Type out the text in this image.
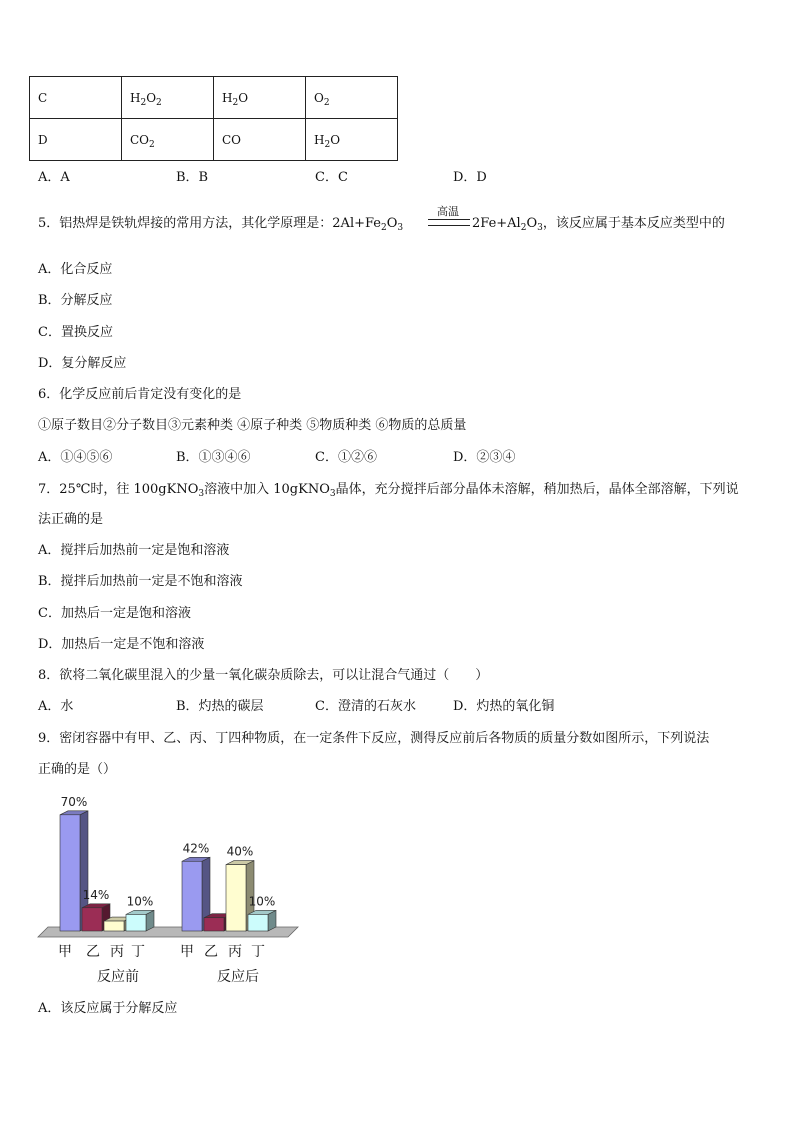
C	$H_2O_2$	$H_2O$	$O_2$
D	$CO_2$	CO	$H_2O$
A．A	B．B	C．C	D．D
5．铝热焊是铁轨焊接的常用方法，其化学原理是：$2Al+Fe_2O_3$
高温
$2Fe+Al_2O_3$，该反应属于基本反应类型中的
A．化合反应
B．分解反应
C．置换反应
D．复分解反应
6．化学反应前后肯定没有变化的是
①原子数目②分子数目③元素种类 ④原子种类 ⑤物质种类 ⑥物质的总质量
A．①④⑤⑥	B．①③④⑥	C．①②⑥	D．②③④
7．25℃时，往 100gKNO$_3$溶液中加入 10gKNO$_3$晶体，充分搅拌后部分晶体未溶解，稍加热后，晶体全部溶解，下列说
法正确的是
A．搅拌后加热前一定是饱和溶液
B．搅拌后加热前一定是不饱和溶液
C．加热后一定是饱和溶液
D．加热后一定是不饱和溶液
8．欲将二氧化碳里混入的少量一氧化碳杂质除去，可以让混合气通过（　　）
A．水	B．灼热的碳层	C．澄清的石灰水	D．灼热的氧化铜
9．密闭容器中有甲、乙、丙、丁四种物质，在一定条件下反应，测得反应前后各物质的质量分数如图所示，下列说法
正确的是（）
70%
14% 10%
甲 乙 丙 丁
反应前
42% 40%
10%
甲 乙 丙 丁
反应后
A．该反应属于分解反应
